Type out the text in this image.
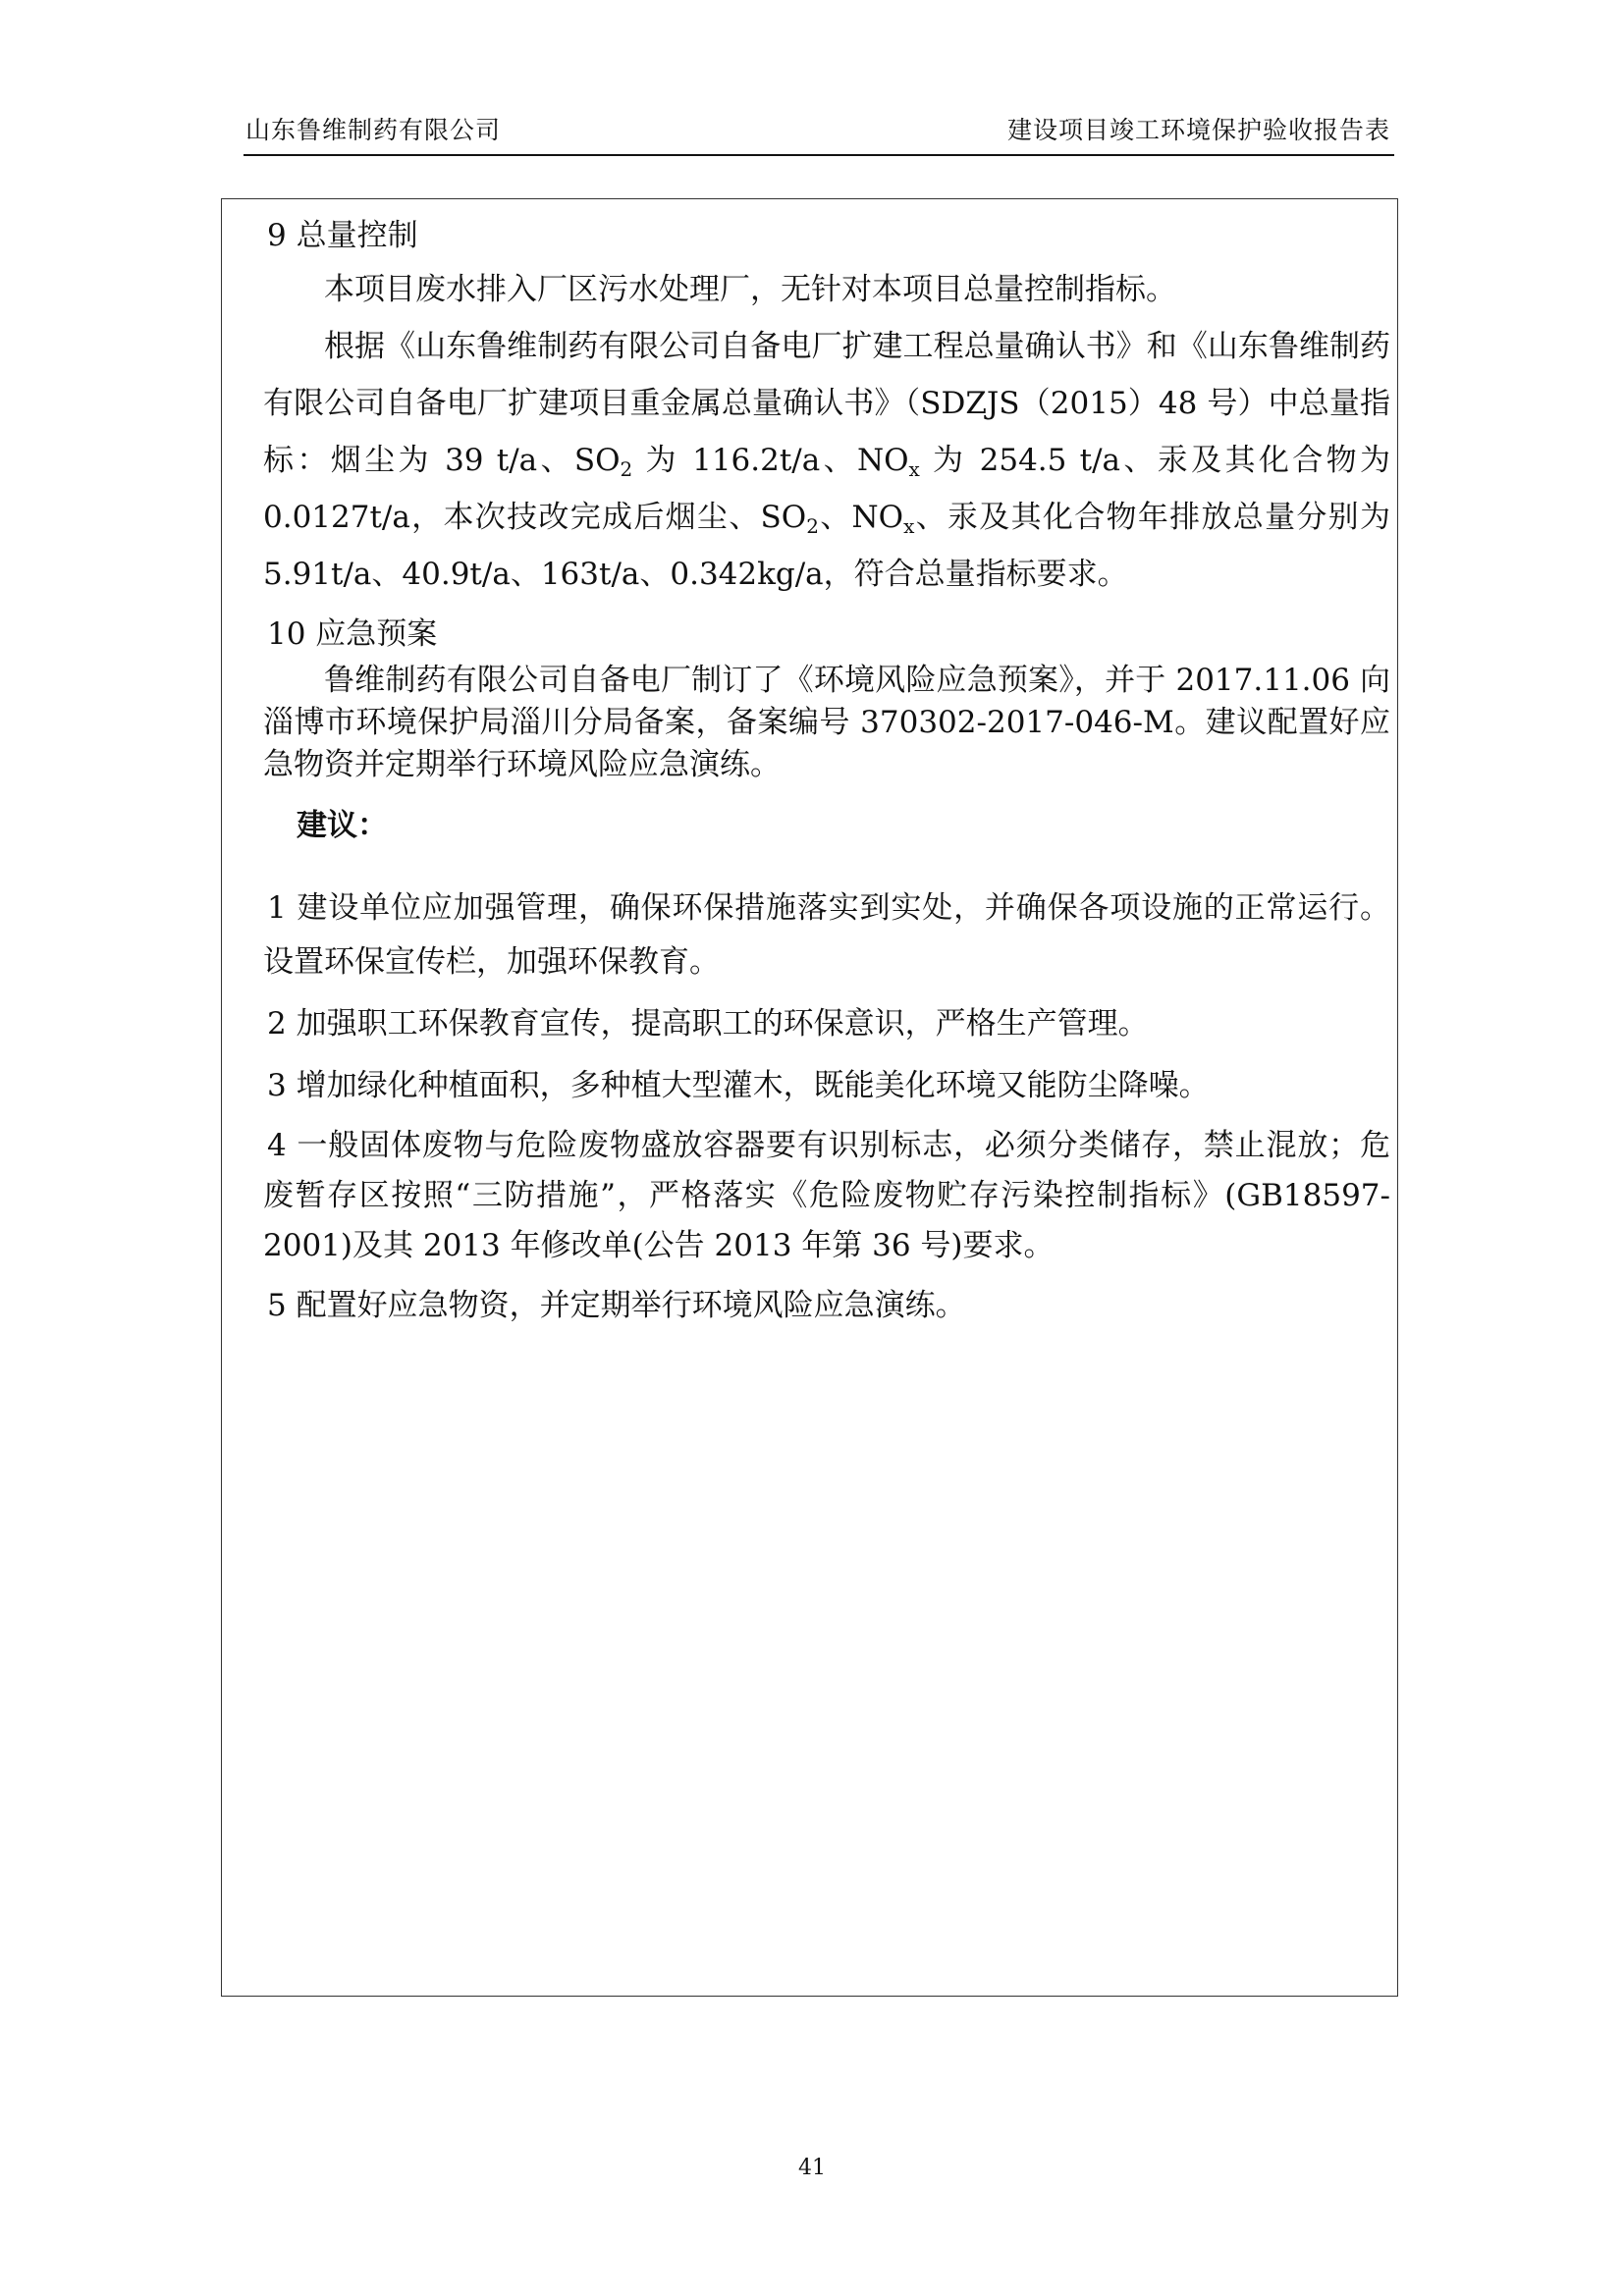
山东鲁维制药有限公司	建设项目竣工环境保护验收报告表

9 总量控制

本项目废水排入厂区污水处理厂，无针对本项目总量控制指标。

根据《山东鲁维制药有限公司自备电厂扩建工程总量确认书》和《山东鲁维制药有限公司自备电厂扩建项目重金属总量确认书》（SDZJS（2015）48 号）中总量指标：烟尘为 39 t/a、$SO_2$ 为 116.2t/a、$NO_x$ 为 254.5 t/a、汞及其化合物为 0.0127t/a，本次技改完成后烟尘、$SO_2$、$NO_x$、汞及其化合物年排放总量分别为 5.91t/a、40.9t/a、163t/a、0.342kg/a，符合总量指标要求。

10 应急预案

鲁维制药有限公司自备电厂制订了《环境风险应急预案》，并于 2017.11.06 向淄博市环境保护局淄川分局备案，备案编号 370302-2017-046-M。建议配置好应急物资并定期举行环境风险应急演练。

建议：

1 建设单位应加强管理，确保环保措施落实到实处，并确保各项设施的正常运行。设置环保宣传栏，加强环保教育。

2 加强职工环保教育宣传，提高职工的环保意识，严格生产管理。

3 增加绿化种植面积，多种植大型灌木，既能美化环境又能防尘降噪。

4 一般固体废物与危险废物盛放容器要有识别标志，必须分类储存，禁止混放；危废暂存区按照“三防措施”，严格落实《危险废物贮存污染控制指标》(GB18597-2001)及其 2013 年修改单(公告 2013 年第 36 号)要求。

5 配置好应急物资，并定期举行环境风险应急演练。

41
